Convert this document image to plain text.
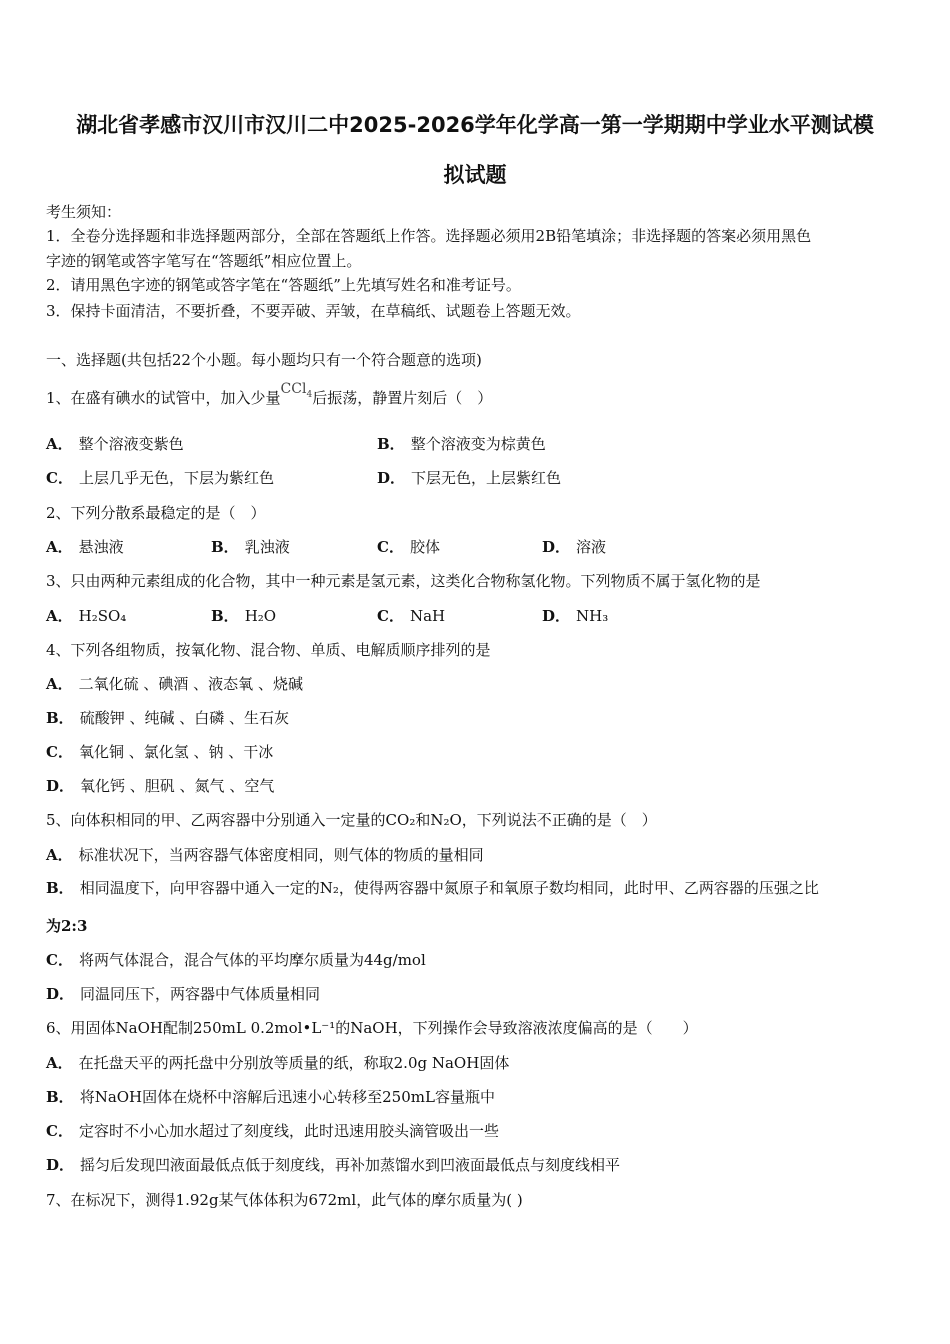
湖北省孝感市汉川市汉川二中2025-2026学年化学高一第一学期期中学业水平测试模
拟试题
考生须知：
1．全卷分选择题和非选择题两部分，全部在答题纸上作答。选择题必须用2B铅笔填涂；非选择题的答案必须用黑色
字迹的钢笔或答字笔写在“答题纸”相应位置上。
2．请用黑色字迹的钢笔或答字笔在“答题纸”上先填写姓名和准考证号。
3．保持卡面清洁，不要折叠，不要弄破、弄皱，在草稿纸、试题卷上答题无效。
一、选择题(共包括22个小题。每小题均只有一个符合题意的选项)
1、在盛有碘水的试管中，加入少量CCl$_4$后振荡，静置片刻后（　）
A． 整个溶液变紫色	B． 整个溶液变为棕黄色
C． 上层几乎无色，下层为紫红色	D． 下层无色，上层紫红色
2、下列分散系最稳定的是（　）
A． 悬浊液	B． 乳浊液	C． 胶体	D． 溶液
3、只由两种元素组成的化合物，其中一种元素是氢元素，这类化合物称氢化物。下列物质不属于氢化物的是
A． H₂SO₄	B． H₂O	C． NaH	D． NH₃
4、下列各组物质，按氧化物、混合物、单质、电解质顺序排列的是
A． 二氧化硫 、碘酒 、液态氧 、烧碱
B． 硫酸钾 、纯碱 、白磷 、生石灰
C． 氧化铜 、氯化氢 、钠 、干冰
D． 氧化钙 、胆矾 、氮气 、空气
5、向体积相同的甲、乙两容器中分别通入一定量的CO₂和N₂O，下列说法不正确的是（　）
A． 标准状况下，当两容器气体密度相同，则气体的物质的量相同
B． 相同温度下，向甲容器中通入一定的N₂，使得两容器中氮原子和氧原子数均相同，此时甲、乙两容器的压强之比
为2:3
C． 将两气体混合，混合气体的平均摩尔质量为44g/mol
D． 同温同压下，两容器中气体质量相同
6、用固体NaOH配制250mL 0.2mol•L⁻¹的NaOH，下列操作会导致溶液浓度偏高的是（　　）
A． 在托盘天平的两托盘中分别放等质量的纸，称取2.0g NaOH固体
B． 将NaOH固体在烧杯中溶解后迅速小心转移至250mL容量瓶中
C． 定容时不小心加水超过了刻度线，此时迅速用胶头滴管吸出一些
D． 摇匀后发现凹液面最低点低于刻度线，再补加蒸馏水到凹液面最低点与刻度线相平
7、在标况下，测得1.92g某气体体积为672ml，此气体的摩尔质量为( )
